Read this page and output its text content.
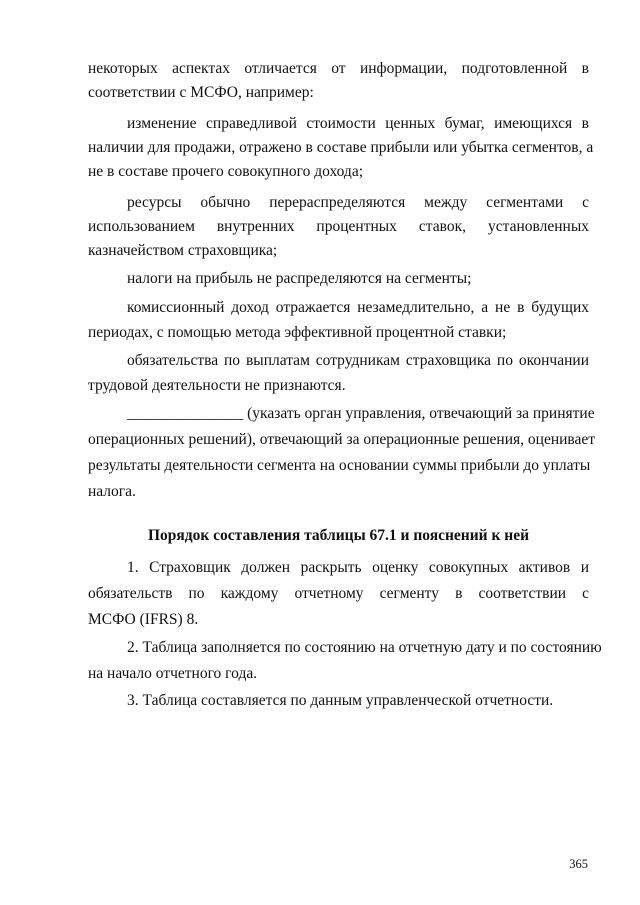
некоторых аспектах отличается от информации, подготовленной в
соответствии с МСФО, например:
изменение справедливой стоимости ценных бумаг, имеющихся в
наличии для продажи, отражено в составе прибыли или убытка сегментов, а
не в составе прочего совокупного дохода;
ресурсы обычно перераспределяются между сегментами с
использованием внутренних процентных ставок, установленных
казначейством страховщика;
налоги на прибыль не распределяются на сегменты;
комиссионный доход отражается незамедлительно, а не в будущих
периодах, с помощью метода эффективной процентной ставки;
обязательства по выплатам сотрудникам страховщика по окончании
трудовой деятельности не признаются.
_______________ (указать орган управления, отвечающий за принятие
операционных решений), отвечающий за операционные решения, оценивает
результаты деятельности сегмента на основании суммы прибыли до уплаты
налога.
Порядок составления таблицы 67.1 и пояснений к ней
1. Страховщик должен раскрыть оценку совокупных активов и
обязательств по каждому отчетному сегменту в соответствии с
МСФО (IFRS) 8.
2. Таблица заполняется по состоянию на отчетную дату и по состоянию
на начало отчетного года.
3. Таблица составляется по данным управленческой отчетности.
365
